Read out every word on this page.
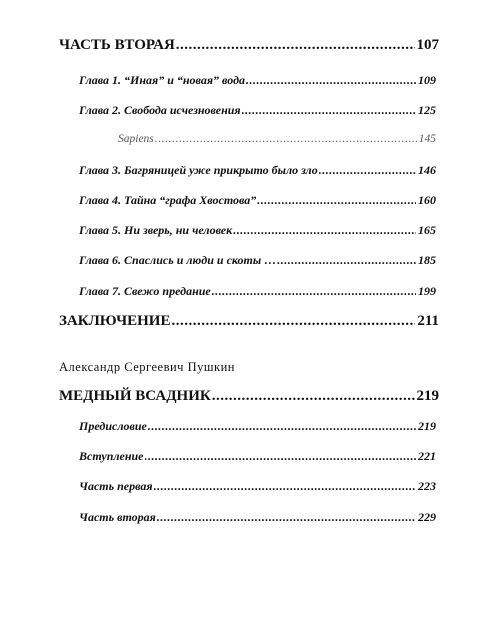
ЧАСТЬ ВТОРАЯ .....	107
Глава 1. “Иная” и “новая” вода .....	109
Глава 2. Свобода исчезновения .....	125
Sapiens .....	145
Глава 3. Багряницей уже прикрыто было зло .....	146
Глава 4. Тайна “графа Хвостова” .....	160
Глава 5. Ни зверь, ни человек .....	165
Глава 6. Спаслись и люди и скоты … .....	185
Глава 7. Свежо предание .....	199
ЗАКЛЮЧЕНИЕ .....	211
Александр Сергеевич Пушкин
МЕДНЫЙ ВСАДНИК .....	219
Предисловие .....	219
Вступление .....	221
Часть первая .....	223
Часть вторая .....	229
